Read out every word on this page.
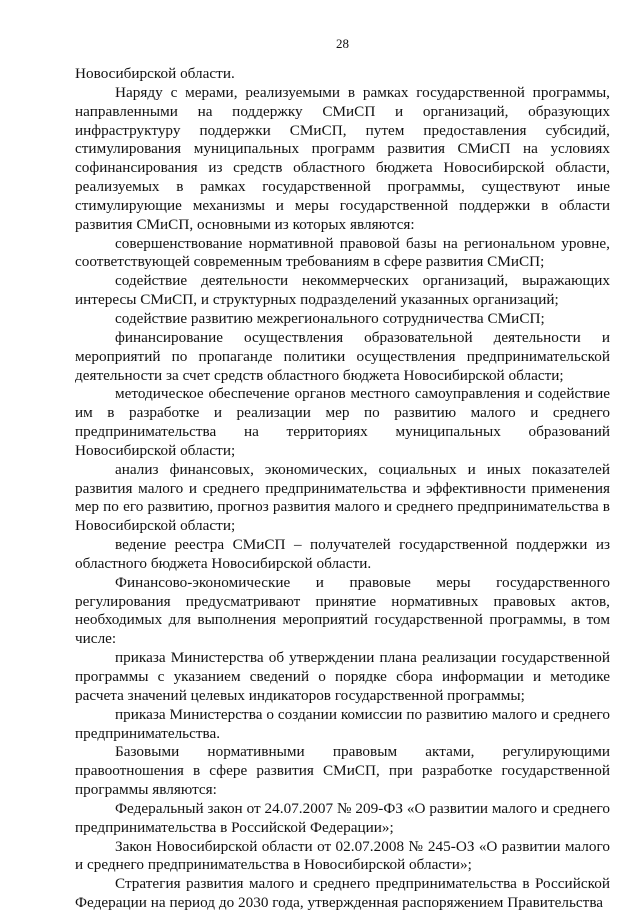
28

Новосибирской области.

Наряду с мерами, реализуемыми в рамках государственной программы, направленными на поддержку СМиСП и организаций, образующих инфраструктуру поддержки СМиСП, путем предоставления субсидий, стимулирования муниципальных программ развития СМиСП на условиях софинансирования из средств областного бюджета Новосибирской области, реализуемых в рамках государственной программы, существуют иные стимулирующие механизмы и меры государственной поддержки в области развития СМиСП, основными из которых являются:

совершенствование нормативной правовой базы на региональном уровне, соответствующей современным требованиям в сфере развития СМиСП;

содействие деятельности некоммерческих организаций, выражающих интересы СМиСП, и структурных подразделений указанных организаций;

содействие развитию межрегионального сотрудничества СМиСП;

финансирование осуществления образовательной деятельности и мероприятий по пропаганде политики осуществления предпринимательской деятельности за счет средств областного бюджета Новосибирской области;

методическое обеспечение органов местного самоуправления и содействие им в разработке и реализации мер по развитию малого и среднего предпринимательства на территориях муниципальных образований Новосибирской области;

анализ финансовых, экономических, социальных и иных показателей развития малого и среднего предпринимательства и эффективности применения мер по его развитию, прогноз развития малого и среднего предпринимательства в Новосибирской области;

ведение реестра СМиСП – получателей государственной поддержки из областного бюджета Новосибирской области.

Финансово-экономические и правовые меры государственного регулирования предусматривают принятие нормативных правовых актов, необходимых для выполнения мероприятий государственной программы, в том числе:

приказа Министерства об утверждении плана реализации государственной программы с указанием сведений о порядке сбора информации и методике расчета значений целевых индикаторов государственной программы;

приказа Министерства о создании комиссии по развитию малого и среднего предпринимательства.

Базовыми нормативными правовым актами, регулирующими правоотношения в сфере развития СМиСП, при разработке государственной программы являются:

Федеральный закон от 24.07.2007 № 209-ФЗ «О развитии малого и среднего предпринимательства в Российской Федерации»;

Закон Новосибирской области от 02.07.2008 № 245-ОЗ «О развитии малого и среднего предпринимательства в Новосибирской области»;

Стратегия развития малого и среднего предпринимательства в Российской Федерации на период до 2030 года, утвержденная распоряжением Правительства
